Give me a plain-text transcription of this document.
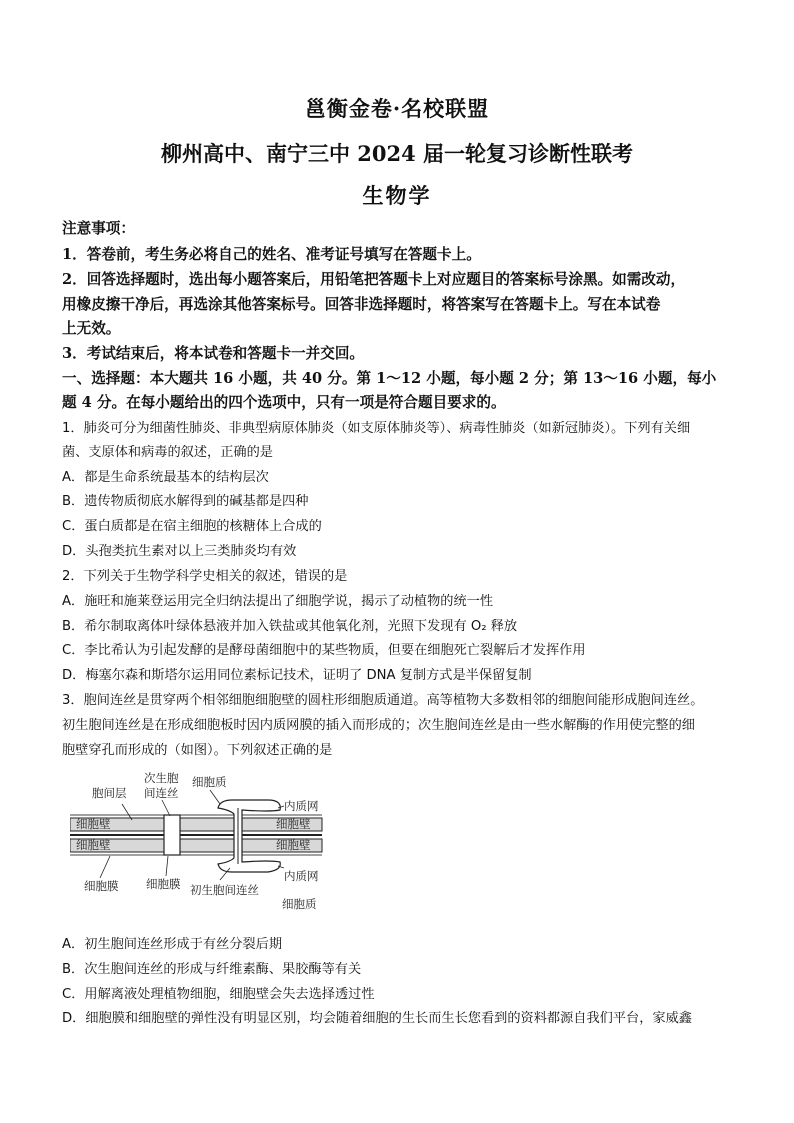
邕衡金卷·名校联盟
柳州高中、南宁三中 2024 届一轮复习诊断性联考
生物学
注意事项：
1．答卷前，考生务必将自己的姓名、准考证号填写在答题卡上。
2．回答选择题时，选出每小题答案后，用铅笔把答题卡上对应题目的答案标号涂黑。如需改动，
用橡皮擦干净后，再选涂其他答案标号。回答非选择题时，将答案写在答题卡上。写在本试卷
上无效。
3．考试结束后，将本试卷和答题卡一并交回。
一、选择题：本大题共 16 小题，共 40 分。第 1～12 小题，每小题 2 分；第 13～16 小题，每小
题 4 分。在每小题给出的四个选项中，只有一项是符合题目要求的。
1．肺炎可分为细菌性肺炎、非典型病原体肺炎（如支原体肺炎等）、病毒性肺炎（如新冠肺炎）。下列有关细
菌、支原体和病毒的叙述，正确的是
A．都是生命系统最基本的结构层次
B．遗传物质彻底水解得到的碱基都是四种
C．蛋白质都是在宿主细胞的核糖体上合成的
D．头孢类抗生素对以上三类肺炎均有效
2．下列关于生物学科学史相关的叙述，错误的是
A．施旺和施莱登运用完全归纳法提出了细胞学说，揭示了动植物的统一性
B．希尔制取离体叶绿体悬液并加入铁盐或其他氧化剂，光照下发现有 O₂ 释放
C．李比希认为引起发酵的是酵母菌细胞中的某些物质，但要在细胞死亡裂解后才发挥作用
D．梅塞尔森和斯塔尔运用同位素标记技术，证明了 DNA 复制方式是半保留复制
3．胞间连丝是贯穿两个相邻细胞细胞壁的圆柱形细胞质通道。高等植物大多数相邻的细胞间能形成胞间连丝。
初生胞间连丝是在形成细胞板时因内质网膜的插入而形成的；次生胞间连丝是由一些水解酶的作用使完整的细
胞壁穿孔而形成的（如图）。下列叙述正确的是
细胞质
次生胞
间连丝
胞间层
内质网
细胞壁
细胞壁
细胞壁
细胞壁
细胞膜 细胞膜 初生胞间连丝
内质网
细胞质
A．初生胞间连丝形成于有丝分裂后期
B．次生胞间连丝的形成与纤维素酶、果胶酶等有关
C．用解离液处理植物细胞，细胞壁会失去选择透过性
D．细胞膜和细胞壁的弹性没有明显区别，均会随着细胞的生长而生长您看到的资料都源自我们平台，家威鑫
